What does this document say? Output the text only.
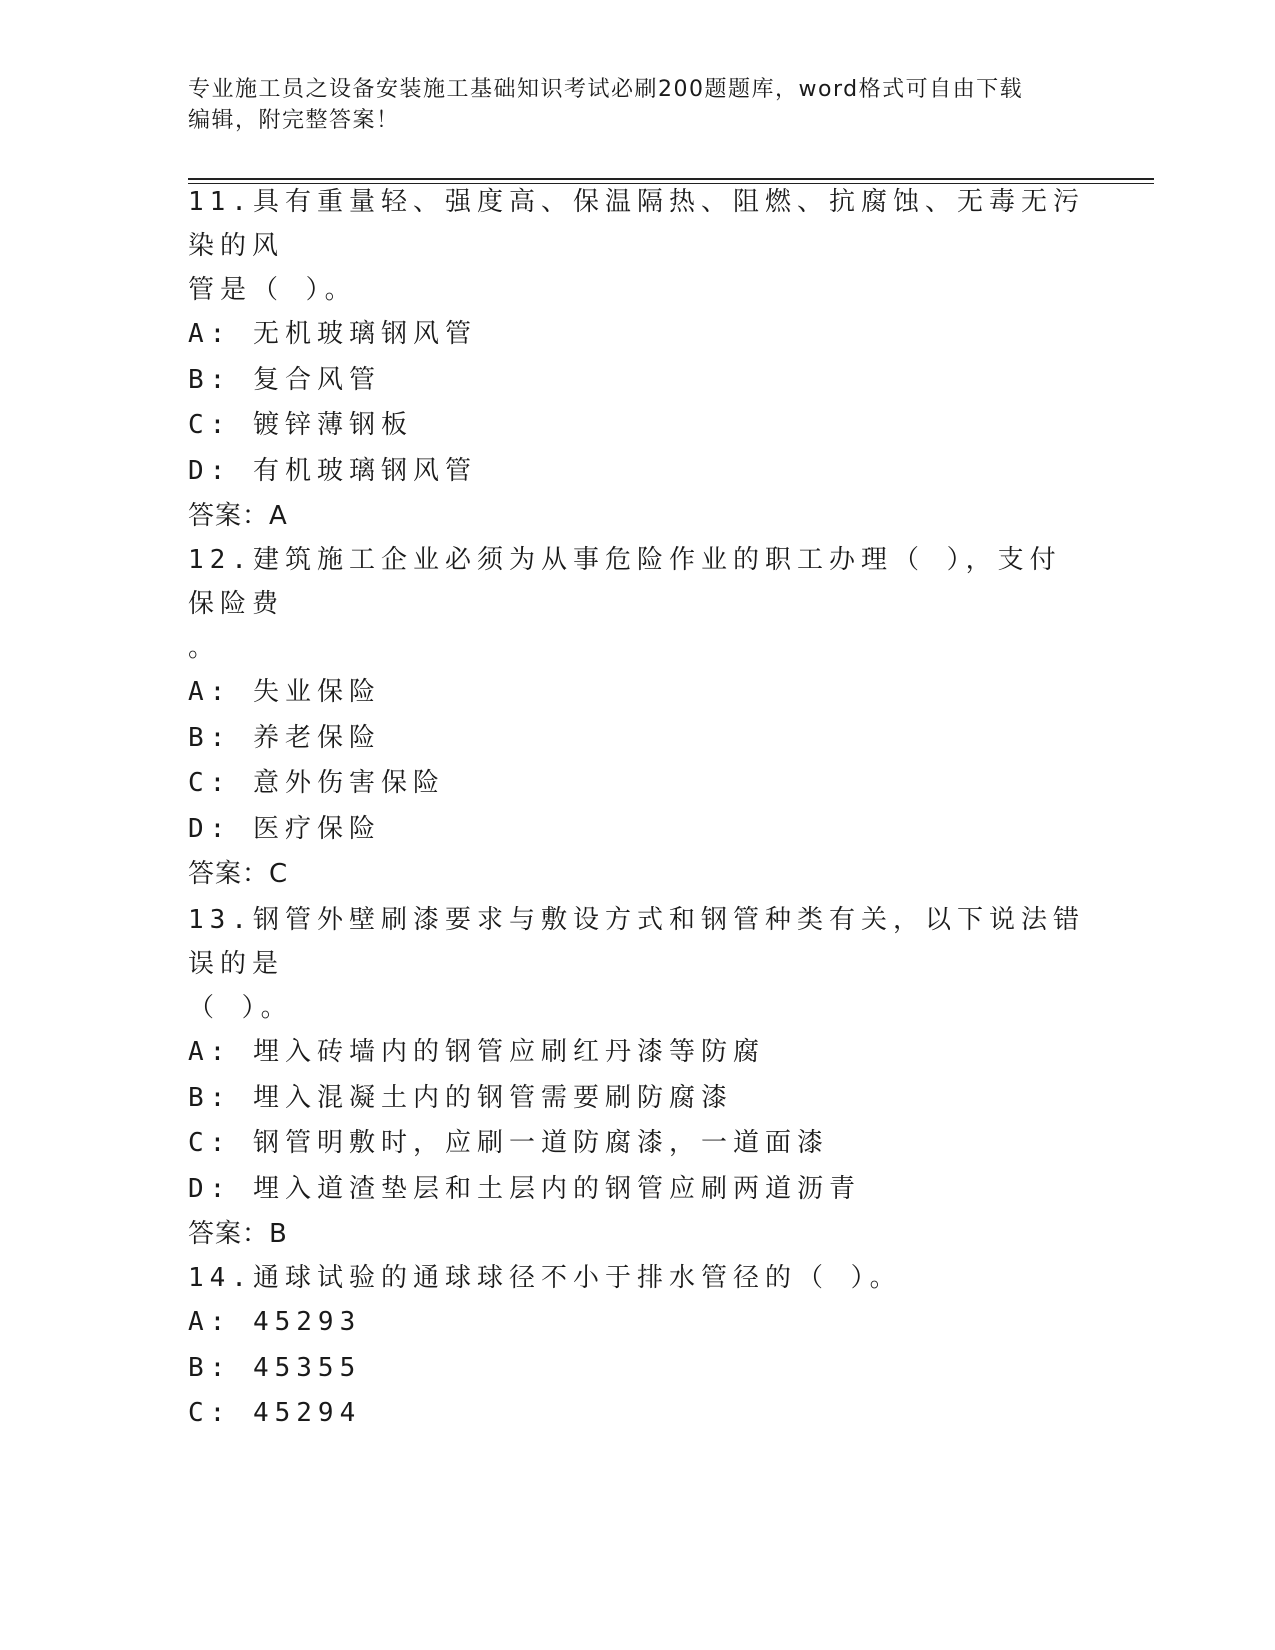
专业施工员之设备安装施工基础知识考试必刷200题题库，word格式可自由下载
编辑，附完整答案！
11.具有重量轻、强度高、保温隔热、阻燃、抗腐蚀、无毒无污染的风
管是（ ）。
A: 无机玻璃钢风管
B: 复合风管
C: 镀锌薄钢板
D: 有机玻璃钢风管
答案：A
12.建筑施工企业必须为从事危险作业的职工办理（ ），支付保险费
。
A: 失业保险
B: 养老保险
C: 意外伤害保险
D: 医疗保险
答案：C
13.钢管外壁刷漆要求与敷设方式和钢管种类有关，以下说法错误的是
（ ）。
A: 埋入砖墙内的钢管应刷红丹漆等防腐
B: 埋入混凝土内的钢管需要刷防腐漆
C: 钢管明敷时，应刷一道防腐漆，一道面漆
D: 埋入道渣垫层和土层内的钢管应刷两道沥青
答案：B
14.通球试验的通球球径不小于排水管径的（ ）。
A: 45293
B: 45355
C: 45294
